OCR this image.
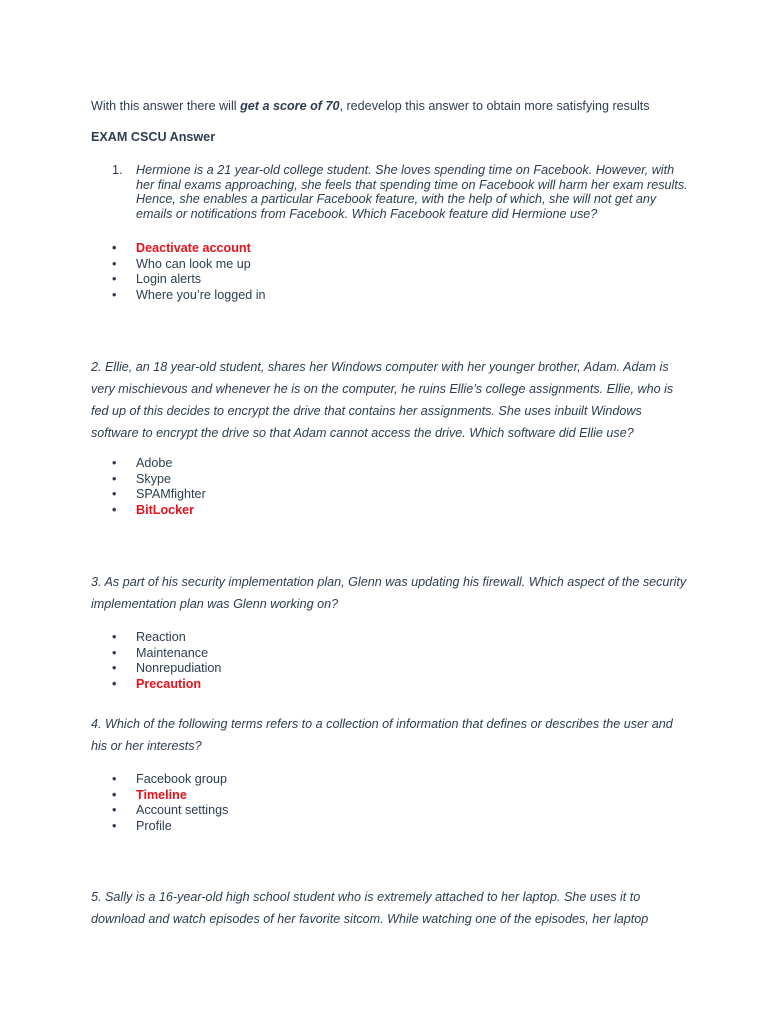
With this answer there will get a score of 70, redevelop this answer to obtain more satisfying results
EXAM CSCU Answer
1. Hermione is a 21 year-old college student. She loves spending time on Facebook. However, with her final exams approaching, she feels that spending time on Facebook will harm her exam results. Hence, she enables a particular Facebook feature, with the help of which, she will not get any emails or notifications from Facebook. Which Facebook feature did Hermione use?
• Deactivate account
• Who can look me up
• Login alerts
• Where you’re logged in
2. Ellie, an 18 year-old student, shares her Windows computer with her younger brother, Adam. Adam is very mischievous and whenever he is on the computer, he ruins Ellie’s college assignments. Ellie, who is fed up of this decides to encrypt the drive that contains her assignments. She uses inbuilt Windows software to encrypt the drive so that Adam cannot access the drive. Which software did Ellie use?
• Adobe
• Skype
• SPAMfighter
• BitLocker
3. As part of his security implementation plan, Glenn was updating his firewall. Which aspect of the security implementation plan was Glenn working on?
• Reaction
• Maintenance
• Nonrepudiation
• Precaution
4. Which of the following terms refers to a collection of information that defines or describes the user and his or her interests?
• Facebook group
• Timeline
• Account settings
• Profile
5. Sally is a 16-year-old high school student who is extremely attached to her laptop. She uses it to download and watch episodes of her favorite sitcom. While watching one of the episodes, her laptop
